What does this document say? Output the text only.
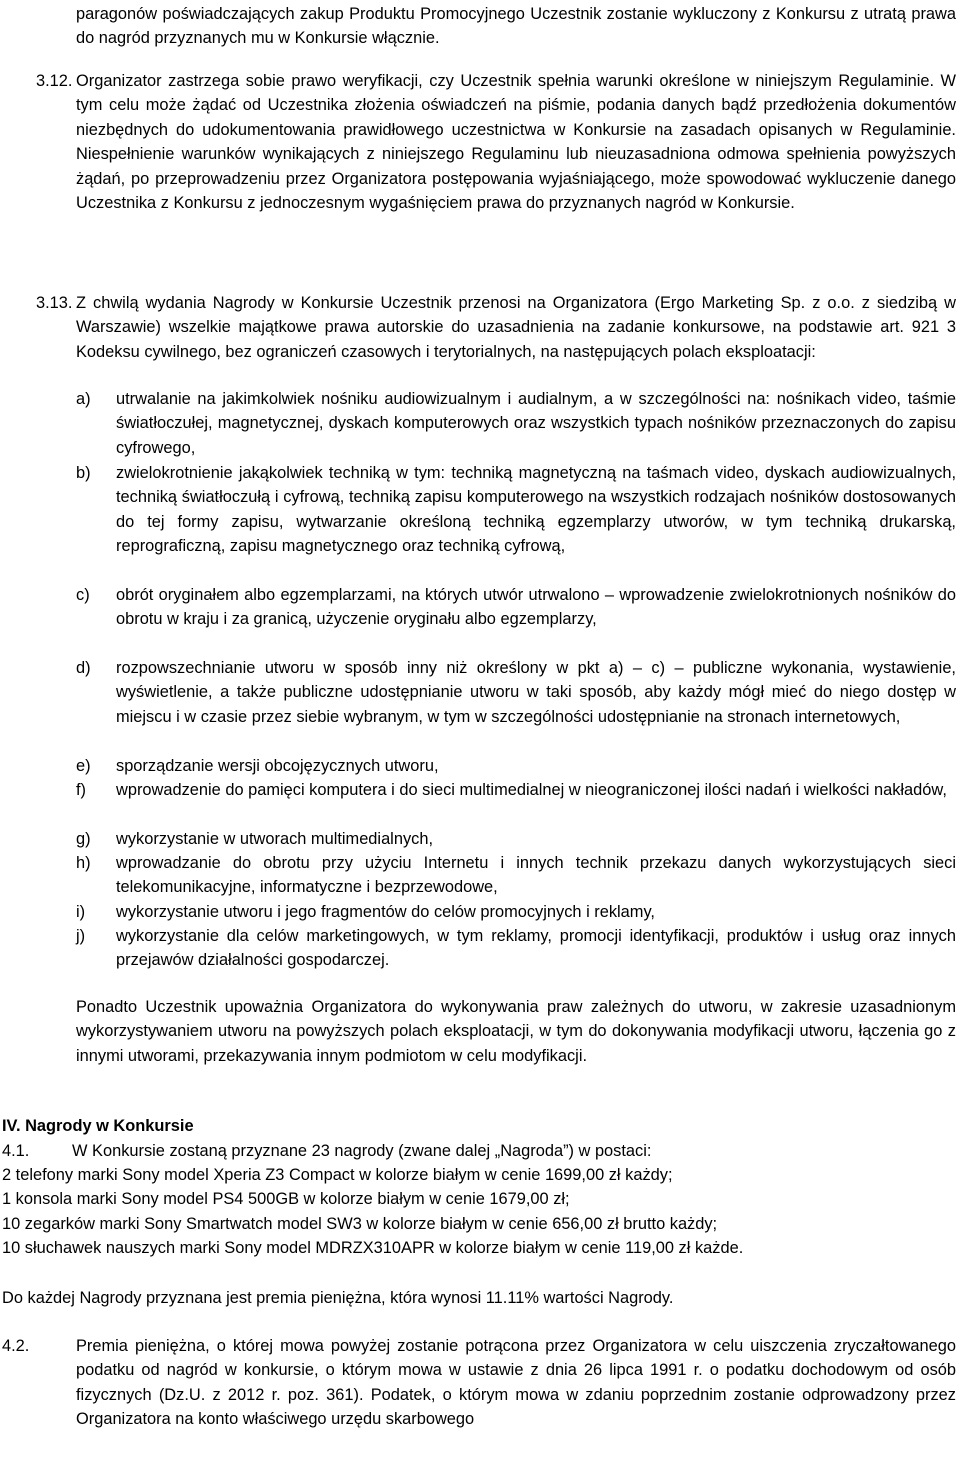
paragonów poświadczających zakup Produktu Promocyjnego Uczestnik zostanie wykluczony z Konkursu z utratą prawa do nagród przyznanych mu w Konkursie włącznie.
3.12. Organizator zastrzega sobie prawo weryfikacji, czy Uczestnik spełnia warunki określone w niniejszym Regulaminie. W tym celu może żądać od Uczestnika złożenia oświadczeń na piśmie, podania danych bądź przedłożenia dokumentów niezbędnych do udokumentowania prawidłowego uczestnictwa w Konkursie na zasadach opisanych w Regulaminie. Niespełnienie warunków wynikających z niniejszego Regulaminu lub nieuzasadniona odmowa spełnienia powyższych żądań, po przeprowadzeniu przez Organizatora postępowania wyjaśniającego, może spowodować wykluczenie danego Uczestnika z Konkursu z jednoczesnym wygaśnięciem prawa do przyznanych nagród w Konkursie.
3.13. Z chwilą wydania Nagrody w Konkursie Uczestnik przenosi na Organizatora (Ergo Marketing Sp. z o.o. z siedzibą w Warszawie) wszelkie majątkowe prawa autorskie do uzasadnienia na zadanie konkursowe, na podstawie art. 921 3 Kodeksu cywilnego, bez ograniczeń czasowych i terytorialnych, na następujących polach eksploatacji:
a) utrwalanie na jakimkolwiek nośniku audiowizualnym i audialnym, a w szczególności na: nośnikach video, taśmie światłoczułej, magnetycznej, dyskach komputerowych oraz wszystkich typach nośników przeznaczonych do zapisu cyfrowego,
b) zwielokrotnienie jakąkolwiek techniką w tym: techniką magnetyczną na taśmach video, dyskach audiowizualnych, techniką światłoczułą i cyfrową, techniką zapisu komputerowego na wszystkich rodzajach nośników dostosowanych do tej formy zapisu, wytwarzanie określoną techniką egzemplarzy utworów, w tym techniką drukarską, reprograficzną, zapisu magnetycznego oraz techniką cyfrową,
c) obrót oryginałem albo egzemplarzami, na których utwór utrwalono – wprowadzenie zwielokrotnionych nośników do obrotu w kraju i za granicą, użyczenie oryginału albo egzemplarzy,
d) rozpowszechnianie utworu w sposób inny niż określony w pkt a) – c) – publiczne wykonania, wystawienie, wyświetlenie, a także publiczne udostępnianie utworu w taki sposób, aby każdy mógł mieć do niego dostęp w miejscu i w czasie przez siebie wybranym, w tym w szczególności udostępnianie na stronach internetowych,
e) sporządzanie wersji obcojęzycznych utworu,
f) wprowadzenie do pamięci komputera i do sieci multimedialnej w nieograniczonej ilości nadań i wielkości nakładów,
g) wykorzystanie w utworach multimedialnych,
h) wprowadzanie do obrotu przy użyciu Internetu i innych technik przekazu danych wykorzystujących sieci telekomunikacyjne, informatyczne i bezprzewodowe,
i) wykorzystanie utworu i jego fragmentów do celów promocyjnych i reklamy,
j) wykorzystanie dla celów marketingowych, w tym reklamy, promocji identyfikacji, produktów i usług oraz innych przejawów działalności gospodarczej.
Ponadto Uczestnik upoważnia Organizatora do wykonywania praw zależnych do utworu, w zakresie uzasadnionym wykorzystywaniem utworu na powyższych polach eksploatacji, w tym do dokonywania modyfikacji utworu, łączenia go z innymi utworami, przekazywania innym podmiotom w celu modyfikacji.
IV. Nagrody w Konkursie
4.1.	W Konkursie zostaną przyznane 23 nagrody (zwane dalej „Nagroda”) w postaci:
2 telefony marki Sony model Xperia Z3 Compact w kolorze białym w cenie 1699,00 zł każdy;
1 konsola marki Sony model PS4 500GB w kolorze białym w cenie 1679,00 zł;
10 zegarków marki Sony Smartwatch model SW3 w kolorze białym w cenie 656,00 zł brutto każdy;
10 słuchawek nauszych marki Sony model MDRZX310APR w kolorze białym w cenie 119,00 zł każde.
Do każdej Nagrody przyznana jest premia pieniężna, która wynosi 11.11% wartości Nagrody.
4.2.	Premia pieniężna, o której mowa powyżej zostanie potrącona przez Organizatora w celu uiszczenia zryczałtowanego podatku od nagród w konkursie, o którym mowa w ustawie z dnia 26 lipca 1991 r. o podatku dochodowym od osób fizycznych (Dz.U. z 2012 r. poz. 361). Podatek, o którym mowa w zdaniu poprzednim zostanie odprowadzony przez Organizatora na konto właściwego urzędu skarbowego
